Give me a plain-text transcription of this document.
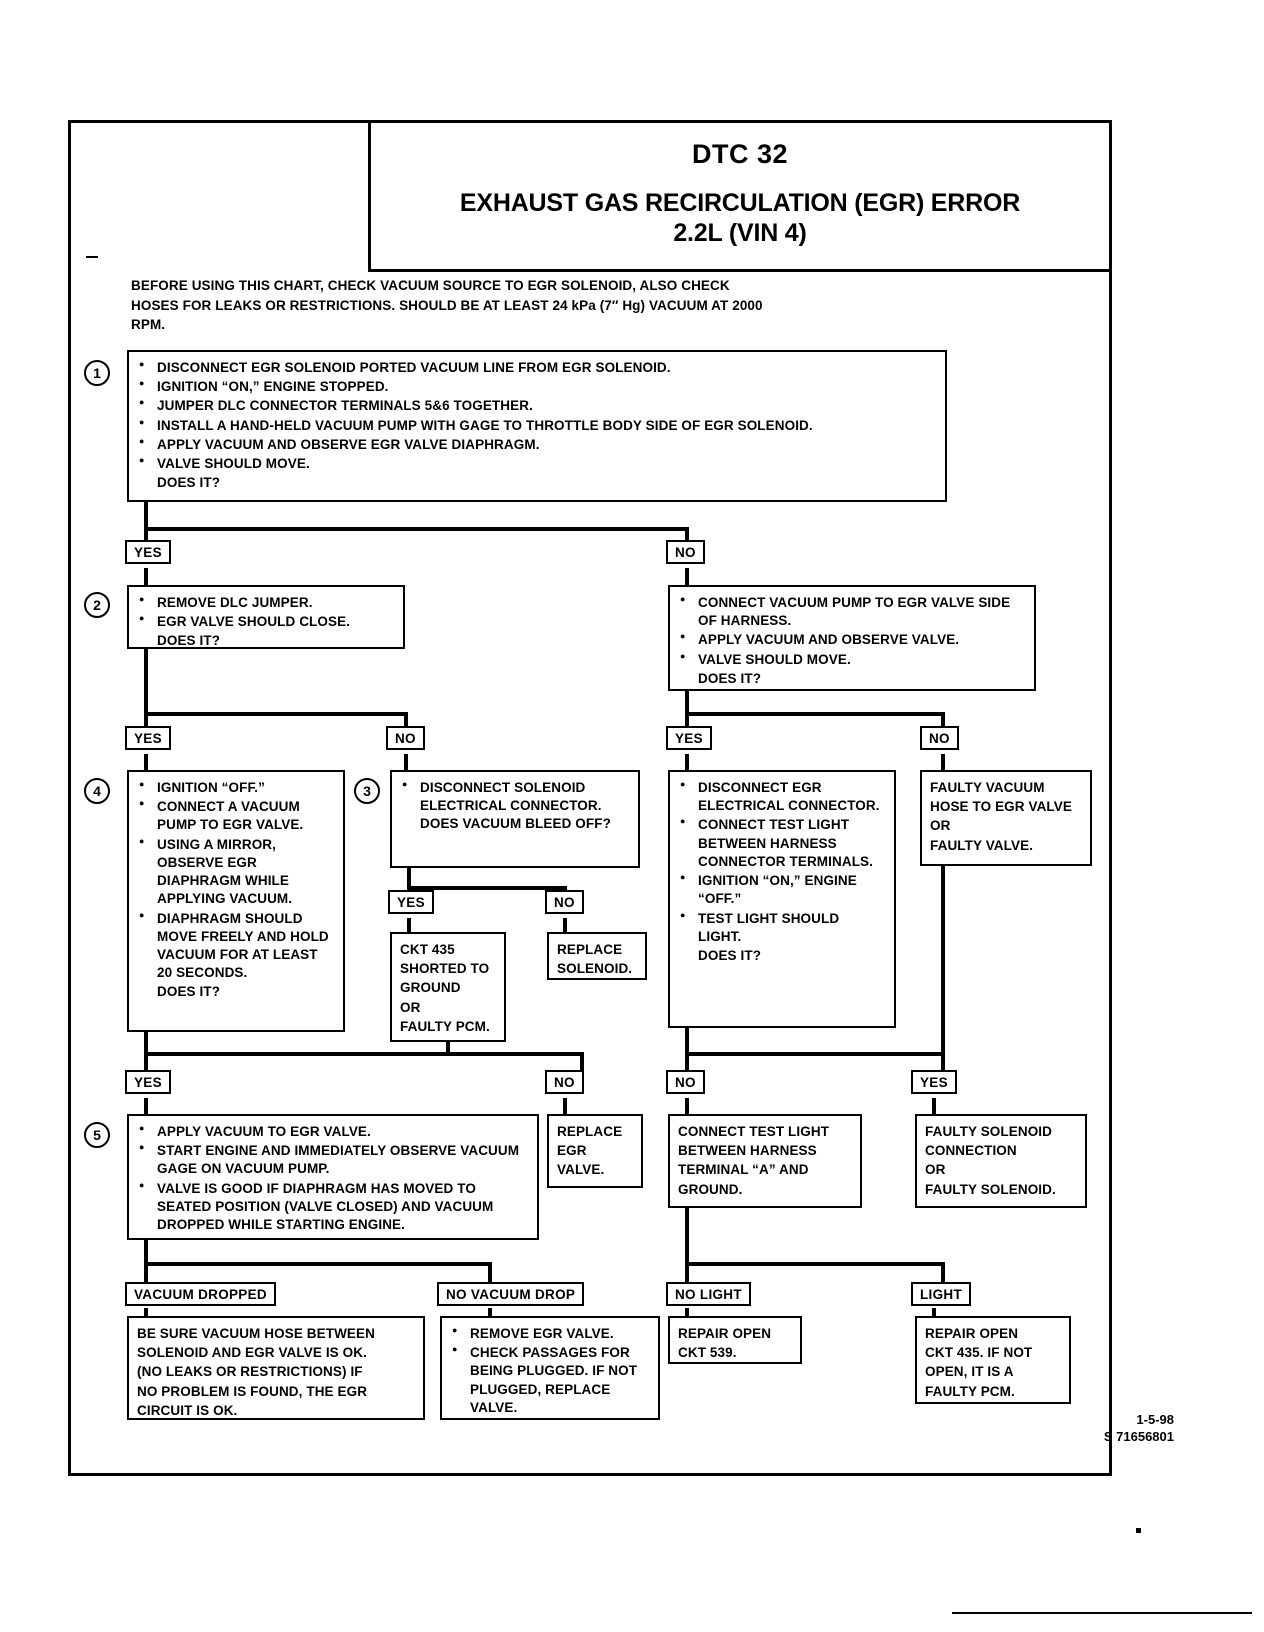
DTC 32
EXHAUST GAS RECIRCULATION (EGR) ERROR
2.2L (VIN 4)
BEFORE USING THIS CHART, CHECK VACUUM SOURCE TO EGR SOLENOID, ALSO CHECK HOSES FOR LEAKS OR RESTRICTIONS. SHOULD BE AT LEAST 24 kPa (7″ Hg) VACUUM AT 2000 RPM.
1	● DISCONNECT EGR SOLENOID PORTED VACUUM LINE FROM EGR SOLENOID.
● IGNITION “ON,” ENGINE STOPPED.
● JUMPER DLC CONNECTOR TERMINALS 5&6 TOGETHER.
● INSTALL A HAND-HELD VACUUM PUMP WITH GAGE TO THROTTLE BODY SIDE OF EGR SOLENOID.
● APPLY VACUUM AND OBSERVE EGR VALVE DIAPHRAGM.
● VALVE SHOULD MOVE.
DOES IT?
YES	NO
2	● REMOVE DLC JUMPER.
● EGR VALVE SHOULD CLOSE.
DOES IT?
● CONNECT VACUUM PUMP TO EGR VALVE SIDE OF HARNESS.
● APPLY VACUUM AND OBSERVE VALVE.
● VALVE SHOULD MOVE.
DOES IT?
YES	NO	YES	NO
4	● IGNITION “OFF.”
● CONNECT A VACUUM PUMP TO EGR VALVE.
● USING A MIRROR, OBSERVE EGR DIAPHRAGM WHILE APPLYING VACUUM.
● DIAPHRAGM SHOULD MOVE FREELY AND HOLD VACUUM FOR AT LEAST 20 SECONDS.
DOES IT?
3	● DISCONNECT SOLENOID ELECTRICAL CONNECTOR. DOES VACUUM BLEED OFF?
YES	NO
CKT 435
SHORTED TO
GROUND
OR
FAULTY PCM.
REPLACE
SOLENOID.
● DISCONNECT EGR ELECTRICAL CONNECTOR.
● CONNECT TEST LIGHT BETWEEN HARNESS CONNECTOR TERMINALS.
● IGNITION “ON,” ENGINE “OFF.”
● TEST LIGHT SHOULD LIGHT.
DOES IT?
FAULTY VACUUM
HOSE TO EGR VALVE
OR
FAULTY VALVE.
YES	NO	NO	YES
5	● APPLY VACUUM TO EGR VALVE.
● START ENGINE AND IMMEDIATELY OBSERVE VACUUM GAGE ON VACUUM PUMP.
● VALVE IS GOOD IF DIAPHRAGM HAS MOVED TO SEATED POSITION (VALVE CLOSED) AND VACUUM DROPPED WHILE STARTING ENGINE.
REPLACE
EGR
VALVE.
CONNECT TEST LIGHT
BETWEEN HARNESS
TERMINAL “A” AND
GROUND.
FAULTY SOLENOID
CONNECTION
OR
FAULTY SOLENOID.
VACUUM DROPPED	NO VACUUM DROP	NO LIGHT	LIGHT
BE SURE VACUUM HOSE BETWEEN
SOLENOID AND EGR VALVE IS OK.
(NO LEAKS OR RESTRICTIONS) IF
NO PROBLEM IS FOUND, THE EGR
CIRCUIT IS OK.
● REMOVE EGR VALVE.
● CHECK PASSAGES FOR BEING PLUGGED. IF NOT PLUGGED, REPLACE VALVE.
REPAIR OPEN
CKT 539.
REPAIR OPEN
CKT 435. IF NOT
OPEN, IT IS A
FAULTY PCM.
1-5-98
S 71656801
